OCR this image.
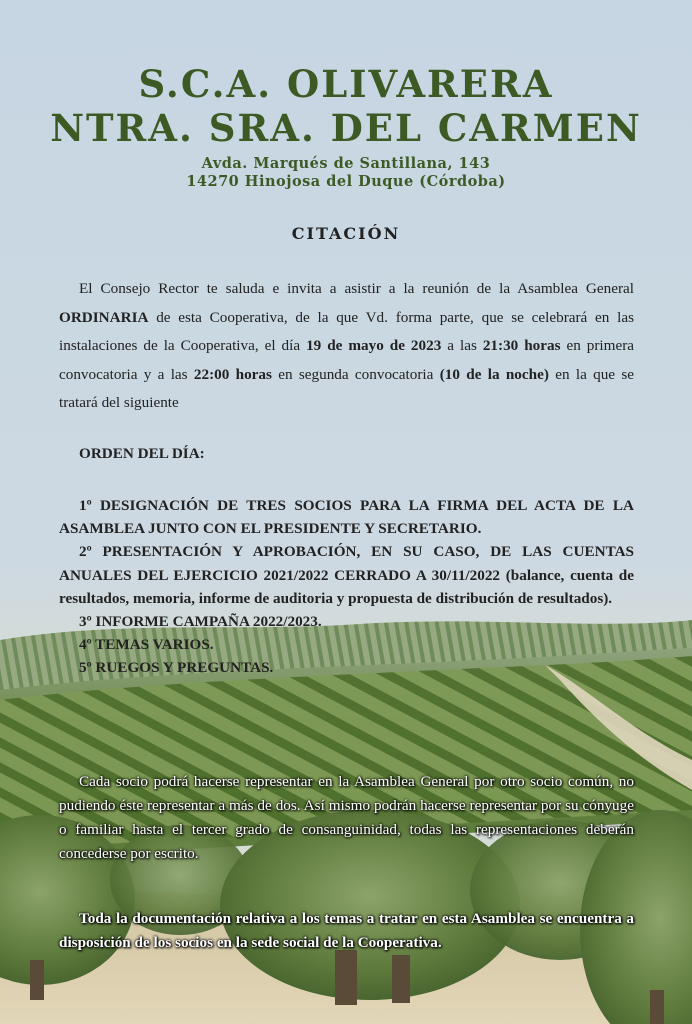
S.C.A. OLIVARERA
NTRA. SRA. DEL CARMEN
Avda. Marqués de Santillana, 143
14270 Hinojosa del Duque (Córdoba)
CITACIÓN
El Consejo Rector te saluda e invita a asistir a la reunión de la Asamblea General ORDINARIA de esta Cooperativa, de la que Vd. forma parte, que se celebrará en las instalaciones de la Cooperativa, el día 19 de mayo de 2023 a las 21:30 horas en primera convocatoria y a las 22:00 horas en segunda convocatoria (10 de la noche) en la que se tratará del siguiente
ORDEN DEL DÍA:
1º DESIGNACIÓN DE TRES SOCIOS PARA LA FIRMA DEL ACTA DE LA ASAMBLEA JUNTO CON EL PRESIDENTE Y SECRETARIO.
2º PRESENTACIÓN Y APROBACIÓN, EN SU CASO, DE LAS CUENTAS ANUALES DEL EJERCICIO 2021/2022 CERRADO A 30/11/2022 (balance, cuenta de resultados, memoria, informe de auditoria y propuesta de distribución de resultados).
3º INFORME CAMPAÑA 2022/2023.
4º TEMAS VARIOS.
5º RUEGOS Y PREGUNTAS.
Cada socio podrá hacerse representar en la Asamblea General por otro socio común, no pudiendo éste representar a más de dos. Así mismo podrán hacerse representar por su cónyuge o familiar hasta el tercer grado de consanguinidad, todas las representaciones deberán concederse por escrito.
Toda la documentación relativa a los temas a tratar en esta Asamblea se encuentra a disposición de los socios en la sede social de la Cooperativa.
